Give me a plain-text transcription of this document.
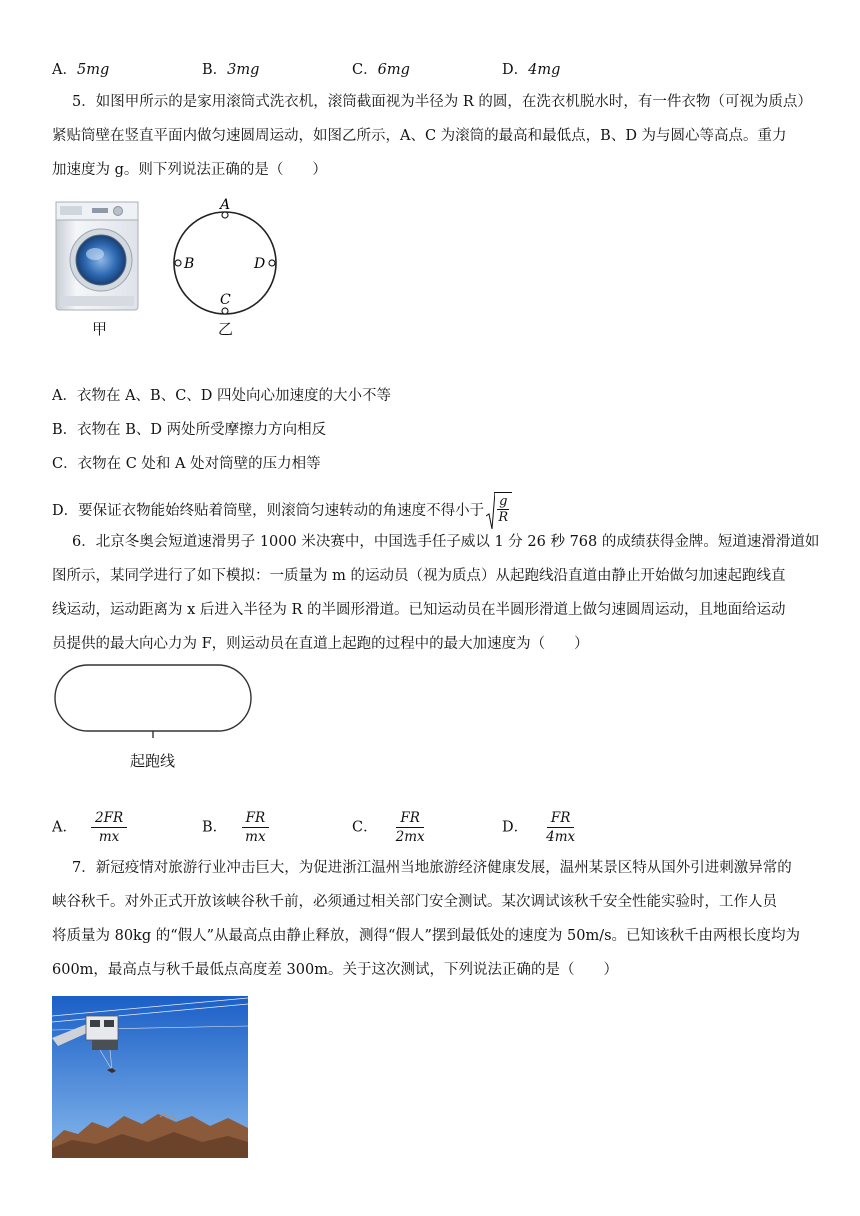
A．5mg	B．3mg	C．6mg	D．4mg
5．如图甲所示的是家用滚筒式洗衣机，滚筒截面视为半径为 R 的圆，在洗衣机脱水时，有一件衣物（可视为质点）
紧贴筒壁在竖直平面内做匀速圆周运动，如图乙所示，A、C 为滚筒的最高和最低点，B、D 为与圆心等高点。重力
加速度为 g。则下列说法正确的是（　　）
甲
A
B
C
D
乙
A．衣物在 A、B、C、D 四处向心加速度的大小不等
B．衣物在 B、D 两处所受摩擦力方向相反
C．衣物在 C 处和 A 处对筒壁的压力相等
D．要保证衣物能始终贴着筒壁，则滚筒匀速转动的角速度不得小于
g
R
6．北京冬奥会短道速滑男子 1000 米决赛中，中国选手任子威以 1 分 26 秒 768 的成绩获得金牌。短道速滑滑道如
图所示，某同学进行了如下模拟：一质量为 m 的运动员（视为质点）从起跑线沿直道由静止开始做匀加速起跑线直
线运动，运动距离为 x 后进入半径为 R 的半圆形滑道。已知运动员在半圆形滑道上做匀速圆周运动，且地面给运动
员提供的最大向心力为 F，则运动员在直道上起跑的过程中的最大加速度为（　　）
起跑线
A． $\frac{2FR}{mx}$	B． $\frac{FR}{mx}$	C． $\frac{FR}{2mx}$	D． $\frac{FR}{4mx}$
7．新冠疫情对旅游行业冲击巨大，为促进浙江温州当地旅游经济健康发展，温州某景区特从国外引进刺激异常的
峡谷秋千。对外正式开放该峡谷秋千前，必须通过相关部门安全测试。某次调试该秋千安全性能实验时，工作人员
将质量为 80kg 的“假人”从最高点由静止释放，测得“假人”摆到最低处的速度为 50m/s。已知该秋千由两根长度均为
600m，最高点与秋千最低点高度差 300m。关于这次测试，下列说法正确的是（　　）
